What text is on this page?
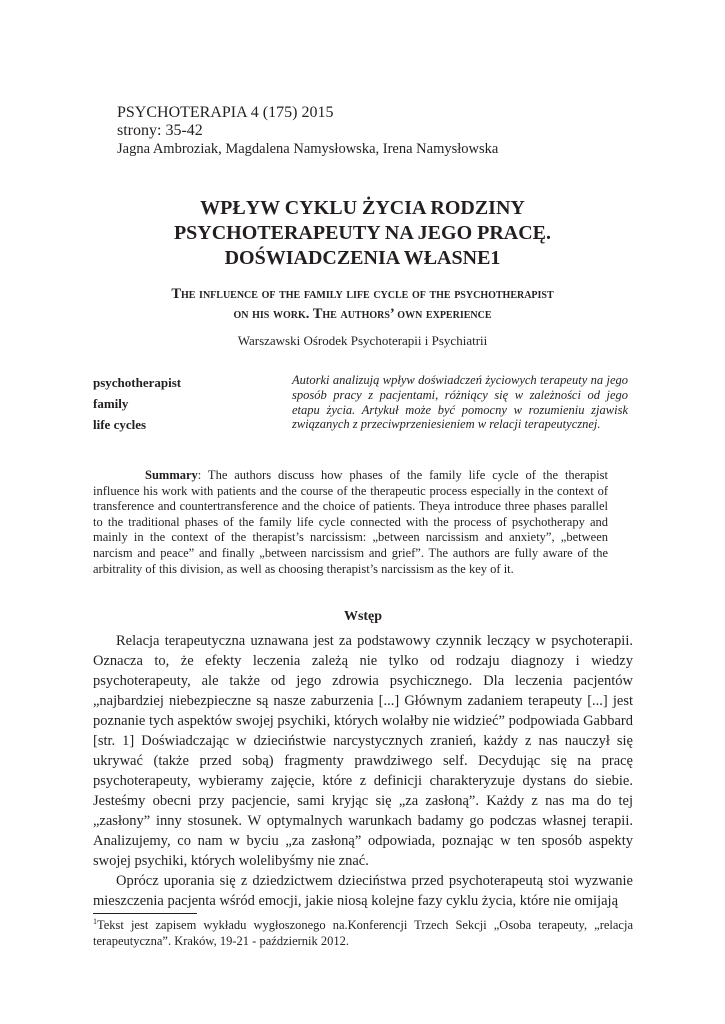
PSYCHOTERAPIA 4 (175) 2015
strony: 35-42
Jagna Ambroziak, Magdalena Namysłowska, Irena Namysłowska
WPŁYW CYKLU ŻYCIA RODZINY
PSYCHOTERAPEUTY NA JEGO PRACĘ.
DOŚWIADCZENIA WŁASNE1
The influence of the family life cycle of the psychotherapist
on his work. The authors’ own experience
Warszawski Ośrodek Psychoterapii i Psychiatrii
psychotherapist
family
life cycles
Autorki analizują wpływ doświadczeń życiowych terapeuty na jego sposób pracy z pacjentami, różniący się w zależności od jego etapu życia. Artykuł może być pomocny w rozumieniu zjawisk związanych z przeciwprzeniesieniem w relacji terapeutycznej.
Summary: The authors discuss how phases of the family life cycle of the therapist influence his work with patients and the course of the therapeutic process especially in the context of transference and countertransference and the choice of patients. Theya introduce three phases parallel to the traditional phases of the family life cycle connected with the process of psychotherapy and mainly in the context of the therapist’s narcissism: „between narcissism and anxiety”, „between narcism and peace” and finally „between narcissism and grief”. The authors are fully aware of the arbitrality of this division, as well as choosing therapist’s narcissism as the key of it.
Wstęp

Relacja terapeutyczna uznawana jest za podstawowy czynnik leczący w psychoterapii. Oznacza to, że efekty leczenia zależą nie tylko od rodzaju diagnozy i wiedzy psychoterapeuty, ale także od jego zdrowia psychicznego. Dla leczenia pacjentów „najbardziej niebezpieczne są nasze zaburzenia [...] Głównym zadaniem terapeuty [...] jest poznanie tych aspektów swojej psychiki, których wolałby nie widzieć” podpowiada Gabbard [str. 1] Doświadczając w dzieciństwie narcystycznych zranień, każdy z nas nauczył się ukrywać (także przed sobą) fragmenty prawdziwego self. Decydując się na pracę psychoterapeuty, wybieramy zajęcie, które z definicji charakteryzuje dystans do siebie. Jesteśmy obecni przy pacjencie, sami kryjąc się „za zasłoną”. Każdy z nas ma do tej „zasłony” inny stosunek. W optymalnych warunkach badamy go podczas własnej terapii. Analizujemy, co nam w byciu „za zasłoną” odpowiada, poznając w ten sposób aspekty swojej psychiki, których wolelibyśmy nie znać.

Oprócz uporania się z dziedzictwem dzieciństwa przed psychoterapeutą stoi wyzwanie mieszczenia pacjenta wśród emocji, jakie niosą kolejne fazy cyklu życia, które nie omijają

$^1$Tekst jest zapisem wykładu wygłoszonego na.Konferencji Trzech Sekcji „Osoba terapeuty, „relacja terapeutyczna”. Kraków, 19-21 - październik 2012.
